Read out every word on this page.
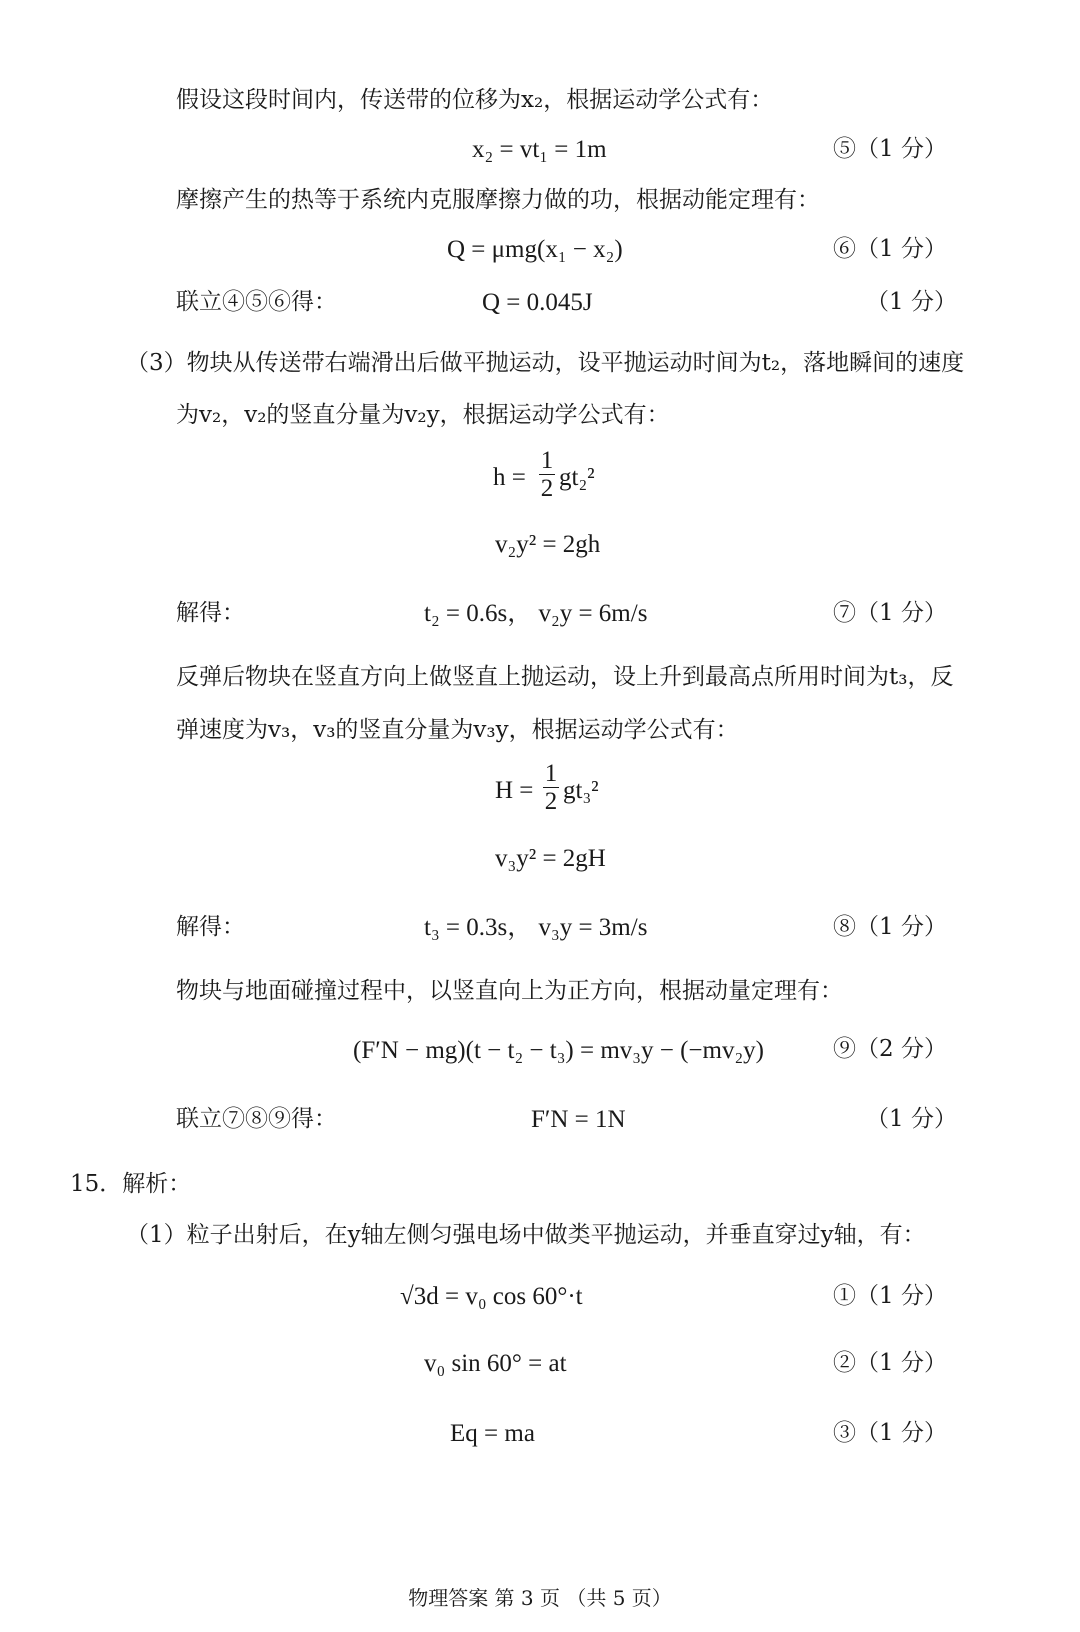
假设这段时间内，传送带的位移为x₂，根据运动学公式有：
x₂ = vt₁ = 1m	⑤（1 分）
摩擦产生的热等于系统内克服摩擦力做的功，根据动能定理有：
Q = μmg(x₁ − x₂)	⑥（1 分）
联立④⑤⑥得：	Q = 0.045J	（1 分）
（3）物块从传送带右端滑出后做平抛运动，设平抛运动时间为t₂，落地瞬间的速度
为v₂，v₂的竖直分量为v₂y，根据运动学公式有：
h =
1
2 gt₂²
v₂y² = 2gh
解得：	t₂ = 0.6s， v₂y = 6m/s	⑦（1 分）
反弹后物块在竖直方向上做竖直上抛运动，设上升到最高点所用时间为t₃，反
弹速度为v₃，v₃的竖直分量为v₃y，根据运动学公式有：
H =
1
2 gt₃²
v₃y² = 2gH
解得：	t₃ = 0.3s， v₃y = 3m/s	⑧（1 分）
物块与地面碰撞过程中，以竖直向上为正方向，根据动量定理有：
(F′N − mg)(t − t₂ − t₃) = mv₃y − (−mv₂y)	⑨（2 分）
联立⑦⑧⑨得：	F′N = 1N	（1 分）
15．解析：
（1）粒子出射后，在y轴左侧匀强电场中做类平抛运动，并垂直穿过y轴，有：
√3d = v₀ cos 60°·t	①（1 分）
v₀ sin 60° = at	②（1 分）
Eq = ma	③（1 分）
物理答案 第 3 页 （共 5 页）
